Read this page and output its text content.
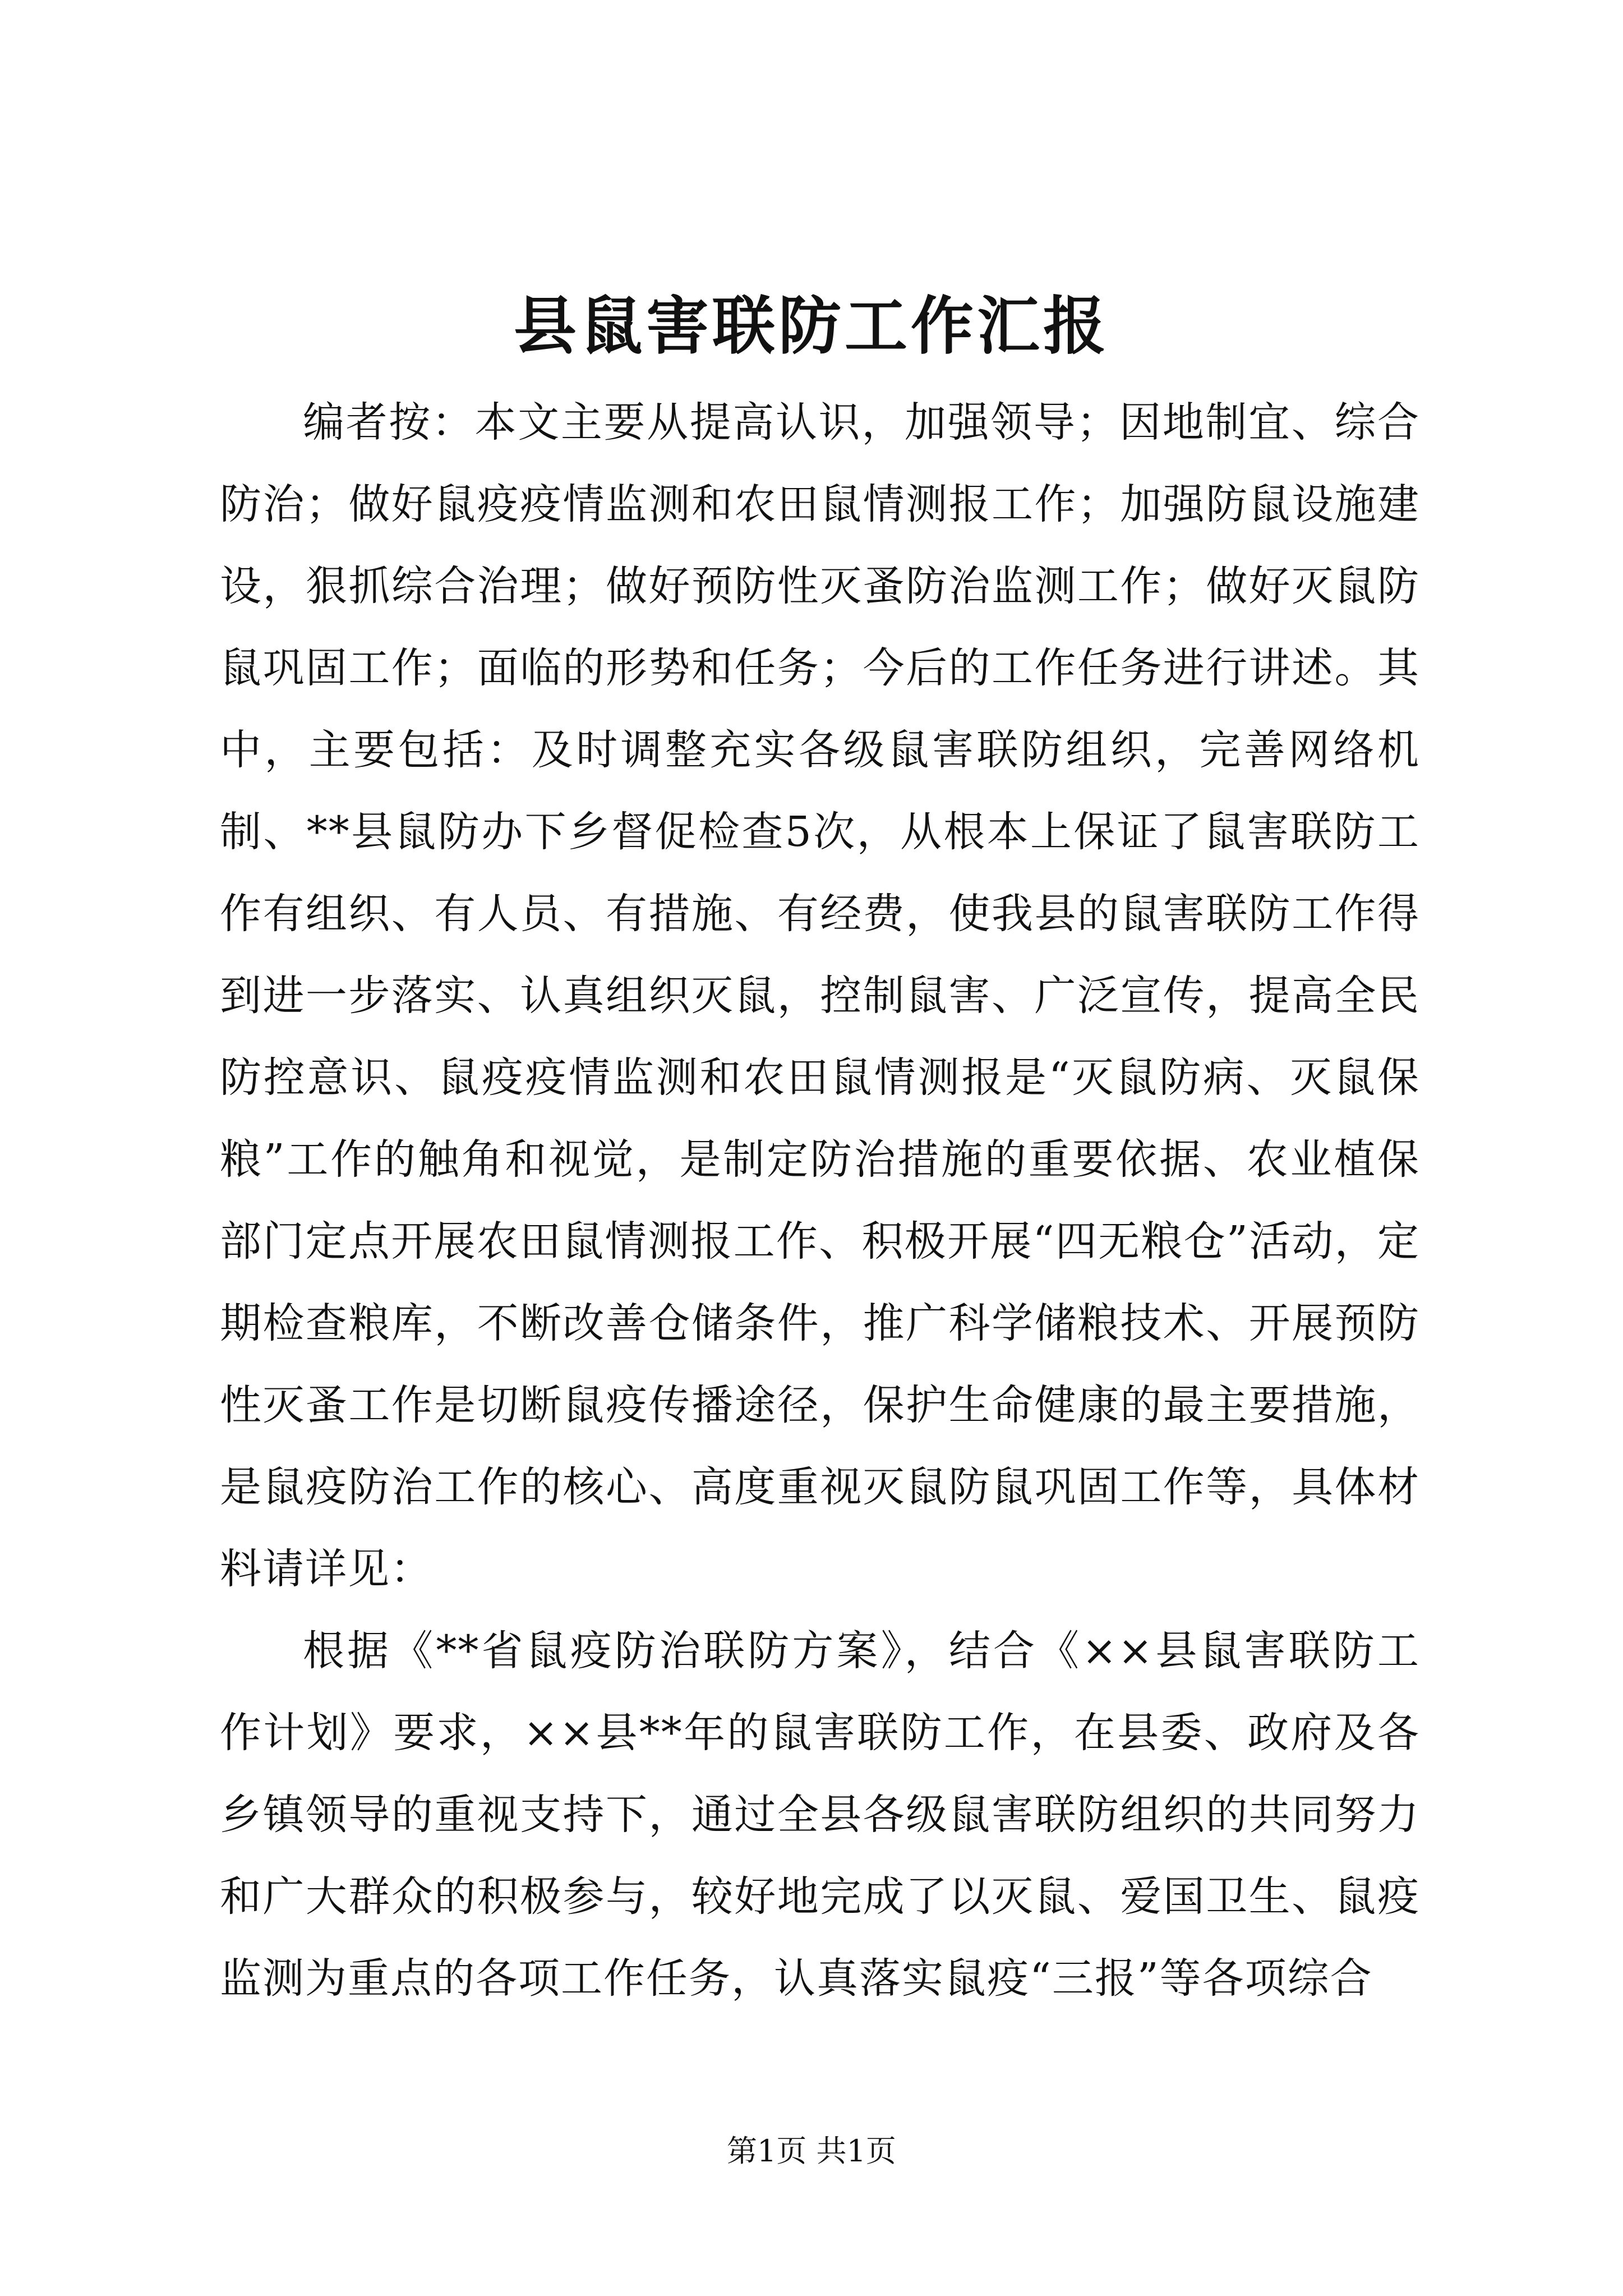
县鼠害联防工作汇报

编者按：本文主要从提高认识，加强领导；因地制宜、综合防治；做好鼠疫疫情监测和农田鼠情测报工作；加强防鼠设施建设，狠抓综合治理；做好预防性灭蚤防治监测工作；做好灭鼠防鼠巩固工作；面临的形势和任务；今后的工作任务进行讲述。其中，主要包括：及时调整充实各级鼠害联防组织，完善网络机制、**县鼠防办下乡督促检查5次，从根本上保证了鼠害联防工作有组织、有人员、有措施、有经费，使我县的鼠害联防工作得到进一步落实、认真组织灭鼠，控制鼠害、广泛宣传，提高全民防控意识、鼠疫疫情监测和农田鼠情测报是“灭鼠防病、灭鼠保粮”工作的触角和视觉，是制定防治措施的重要依据、农业植保部门定点开展农田鼠情测报工作、积极开展“四无粮仓”活动，定期检查粮库，不断改善仓储条件，推广科学储粮技术、开展预防性灭蚤工作是切断鼠疫传播途径，保护生命健康的最主要措施，是鼠疫防治工作的核心、高度重视灭鼠防鼠巩固工作等，具体材料请详见：

根据《**省鼠疫防治联防方案》，结合《××县鼠害联防工作计划》要求，××县**年的鼠害联防工作，在县委、政府及各乡镇领导的重视支持下，通过全县各级鼠害联防组织的共同努力和广大群众的积极参与，较好地完成了以灭鼠、爱国卫生、鼠疫监测为重点的各项工作任务，认真落实鼠疫“三报”等各项综合

第1页 共1页
